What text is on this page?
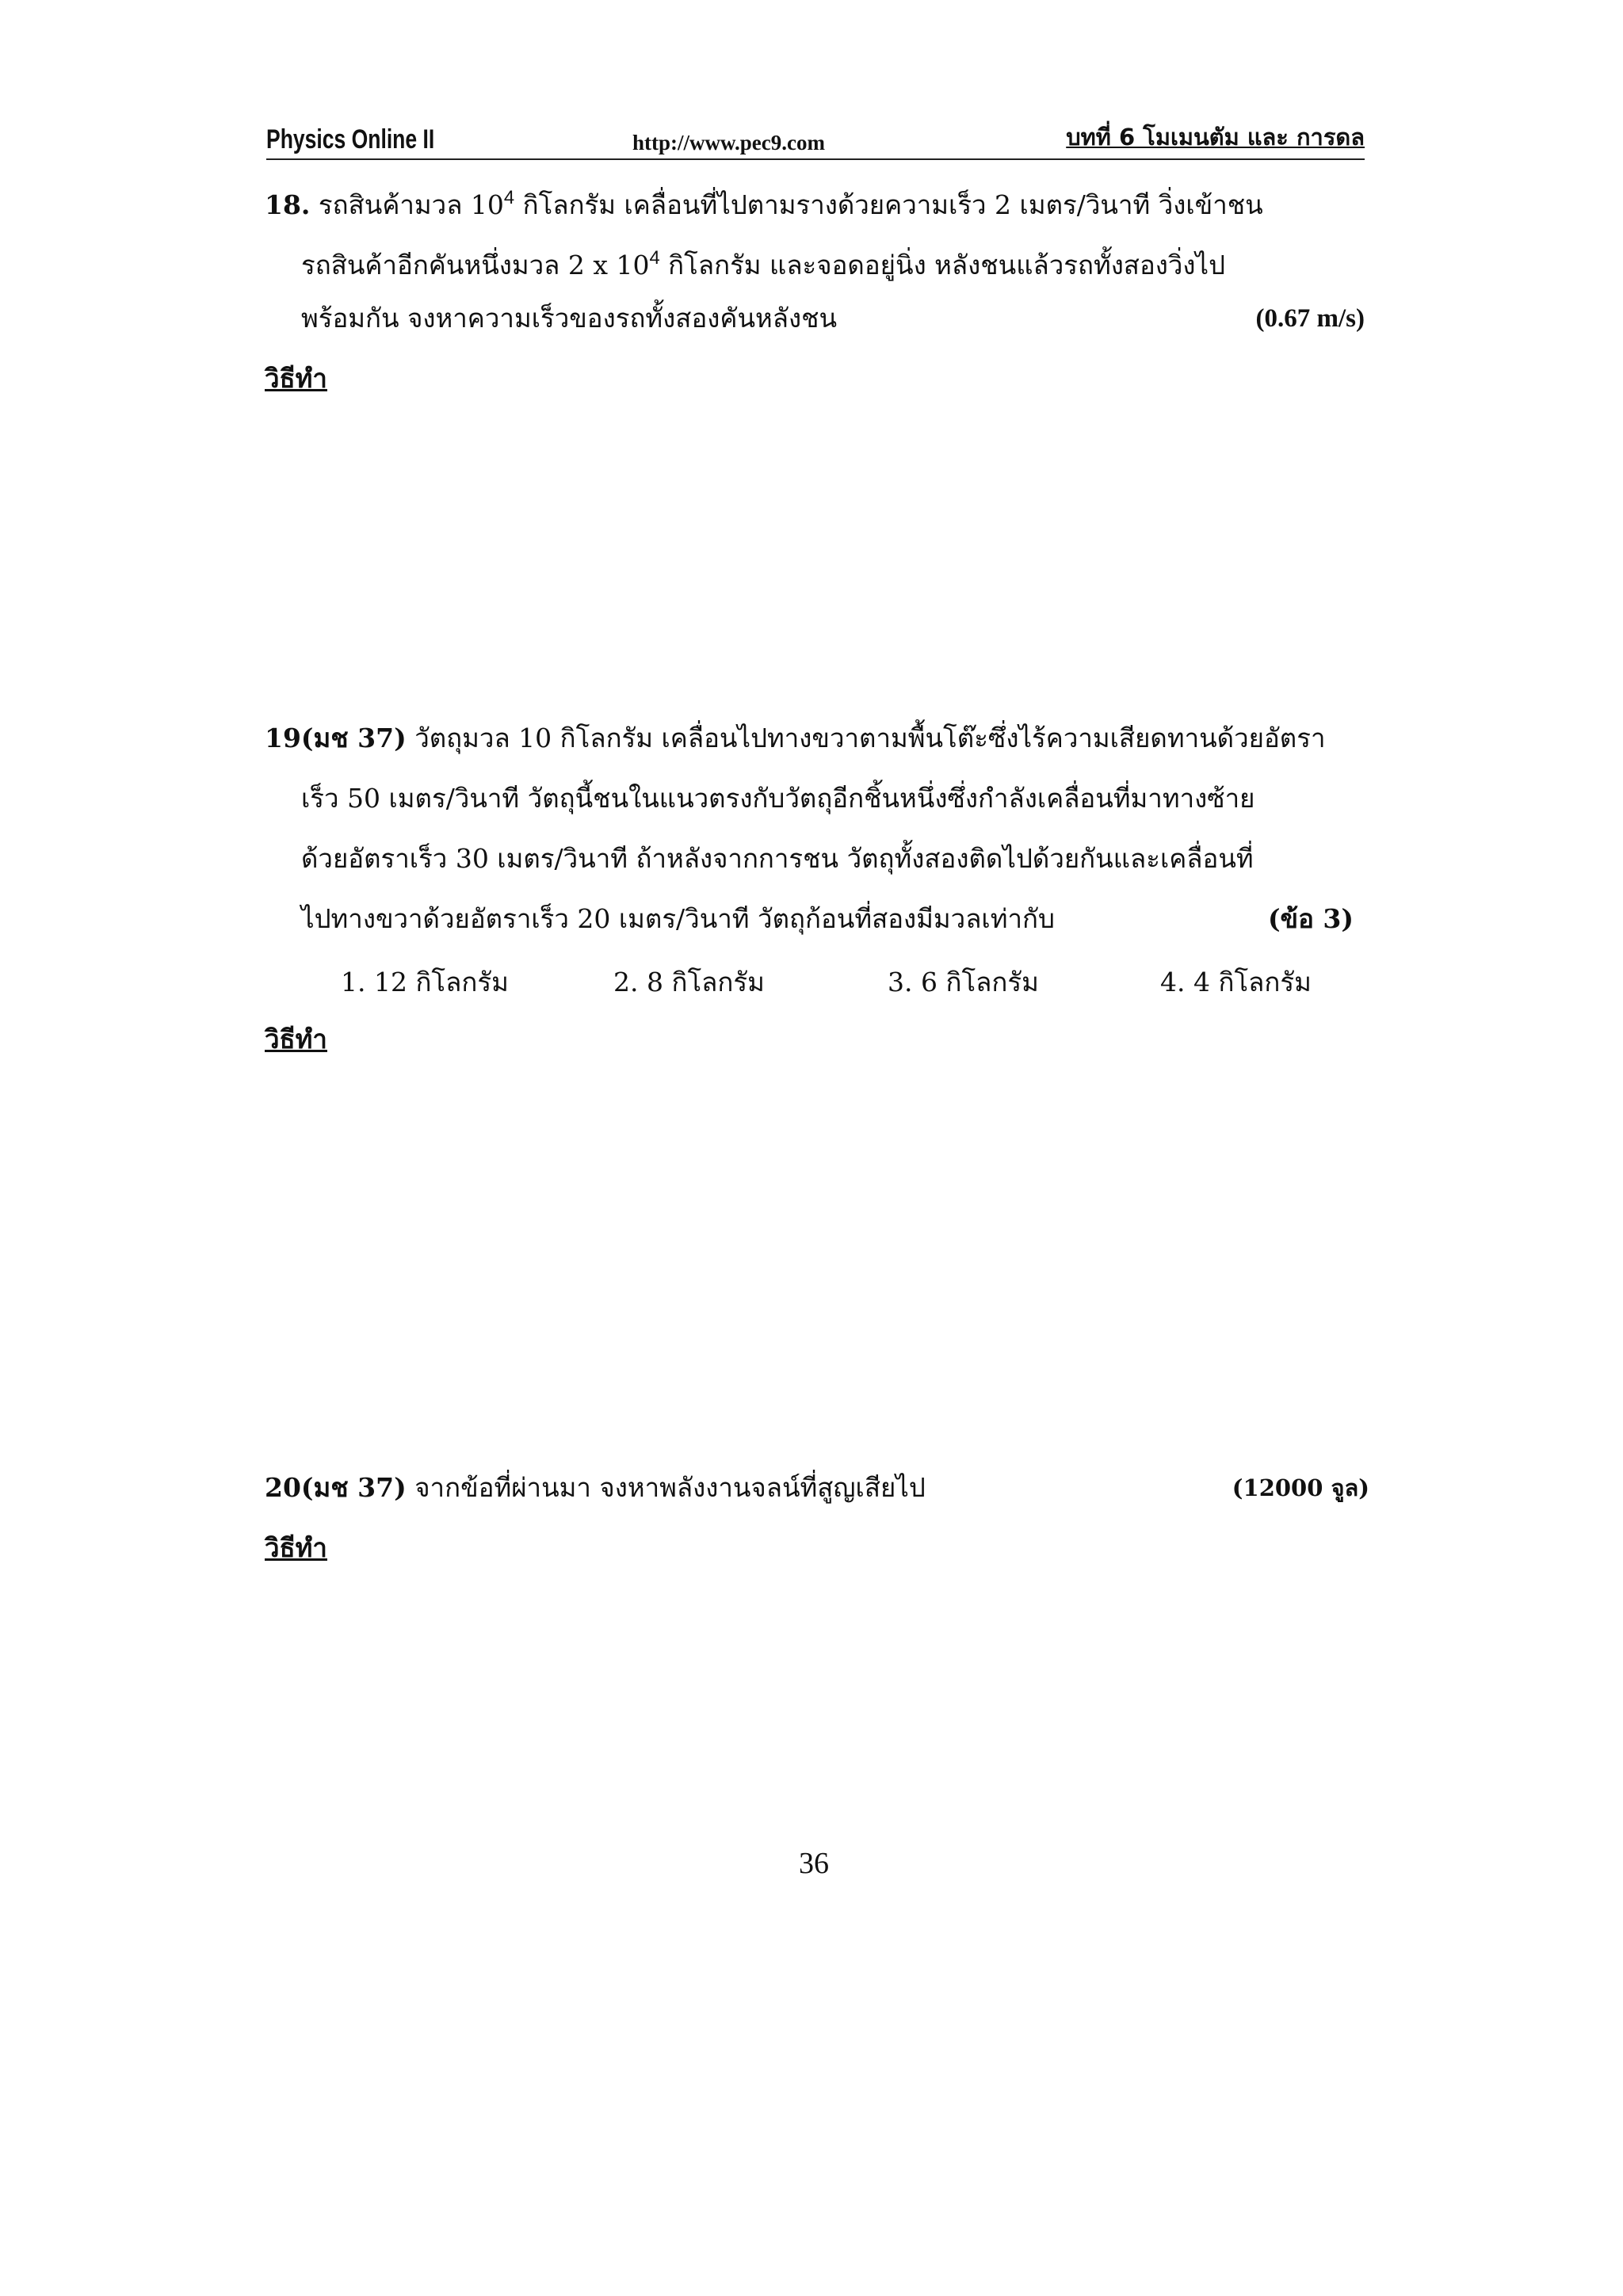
Physics Online II	http://www.pec9.com	บทที่ 6 โมเมนตัม และ การดล
18. รถสินค้ามวล $10^4$ กิโลกรัม เคลื่อนที่ไปตามรางด้วยความเร็ว 2 เมตร/วินาที วิ่งเข้าชน
รถสินค้าอีกคันหนึ่งมวล 2 x $10^4$ กิโลกรัม และจอดอยู่นิ่ง หลังชนแล้วรถทั้งสองวิ่งไป
พร้อมกัน จงหาความเร็วของรถทั้งสองคันหลังชน	(0.67 m/s)
วิธีทำ
19(มช 37) วัตถุมวล 10 กิโลกรัม เคลื่อนไปทางขวาตามพื้นโต๊ะซึ่งไร้ความเสียดทานด้วยอัตรา
เร็ว 50 เมตร/วินาที วัตถุนี้ชนในแนวตรงกับวัตถุอีกชิ้นหนึ่งซึ่งกำลังเคลื่อนที่มาทางซ้าย
ด้วยอัตราเร็ว 30 เมตร/วินาที ถ้าหลังจากการชน วัตถุทั้งสองติดไปด้วยกันและเคลื่อนที่
ไปทางขวาด้วยอัตราเร็ว 20 เมตร/วินาที วัตถุก้อนที่สองมีมวลเท่ากับ	(ข้อ 3)
1. 12 กิโลกรัม	2. 8 กิโลกรัม	3. 6 กิโลกรัม	4. 4 กิโลกรัม
วิธีทำ
20(มช 37) จากข้อที่ผ่านมา จงหาพลังงานจลน์ที่สูญเสียไป	(12000 จูล)
วิธีทำ
36
